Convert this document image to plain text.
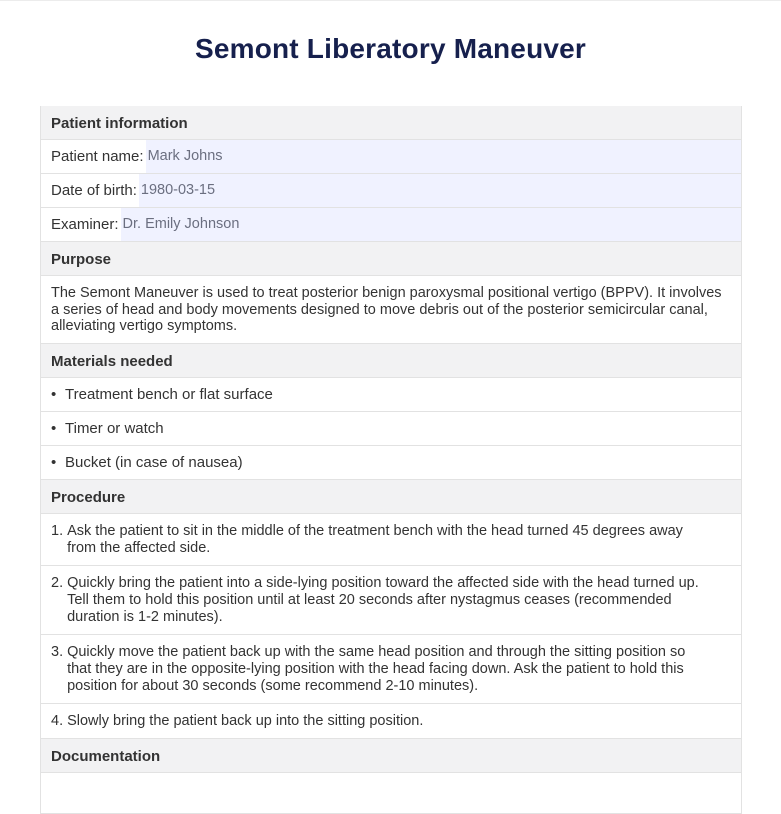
Semont Liberatory Maneuver
Patient information
Patient name: Mark Johns
Date of birth: 1980-03-15
Examiner: Dr. Emily Johnson
Purpose
The Semont Maneuver is used to treat posterior benign paroxysmal positional vertigo (BPPV). It involves a series of head and body movements designed to move debris out of the posterior semicircular canal, alleviating vertigo symptoms.
Materials needed
• Treatment bench or flat surface
• Timer or watch
• Bucket (in case of nausea)
Procedure
1. Ask the patient to sit in the middle of the treatment bench with the head turned 45 degrees away from the affected side.
2. Quickly bring the patient into a side-lying position toward the affected side with the head turned up. Tell them to hold this position until at least 20 seconds after nystagmus ceases (recommended duration is 1-2 minutes).
3. Quickly move the patient back up with the same head position and through the sitting position so that they are in the opposite-lying position with the head facing down. Ask the patient to hold this position for about 30 seconds (some recommend 2-10 minutes).
4. Slowly bring the patient back up into the sitting position.
Documentation
